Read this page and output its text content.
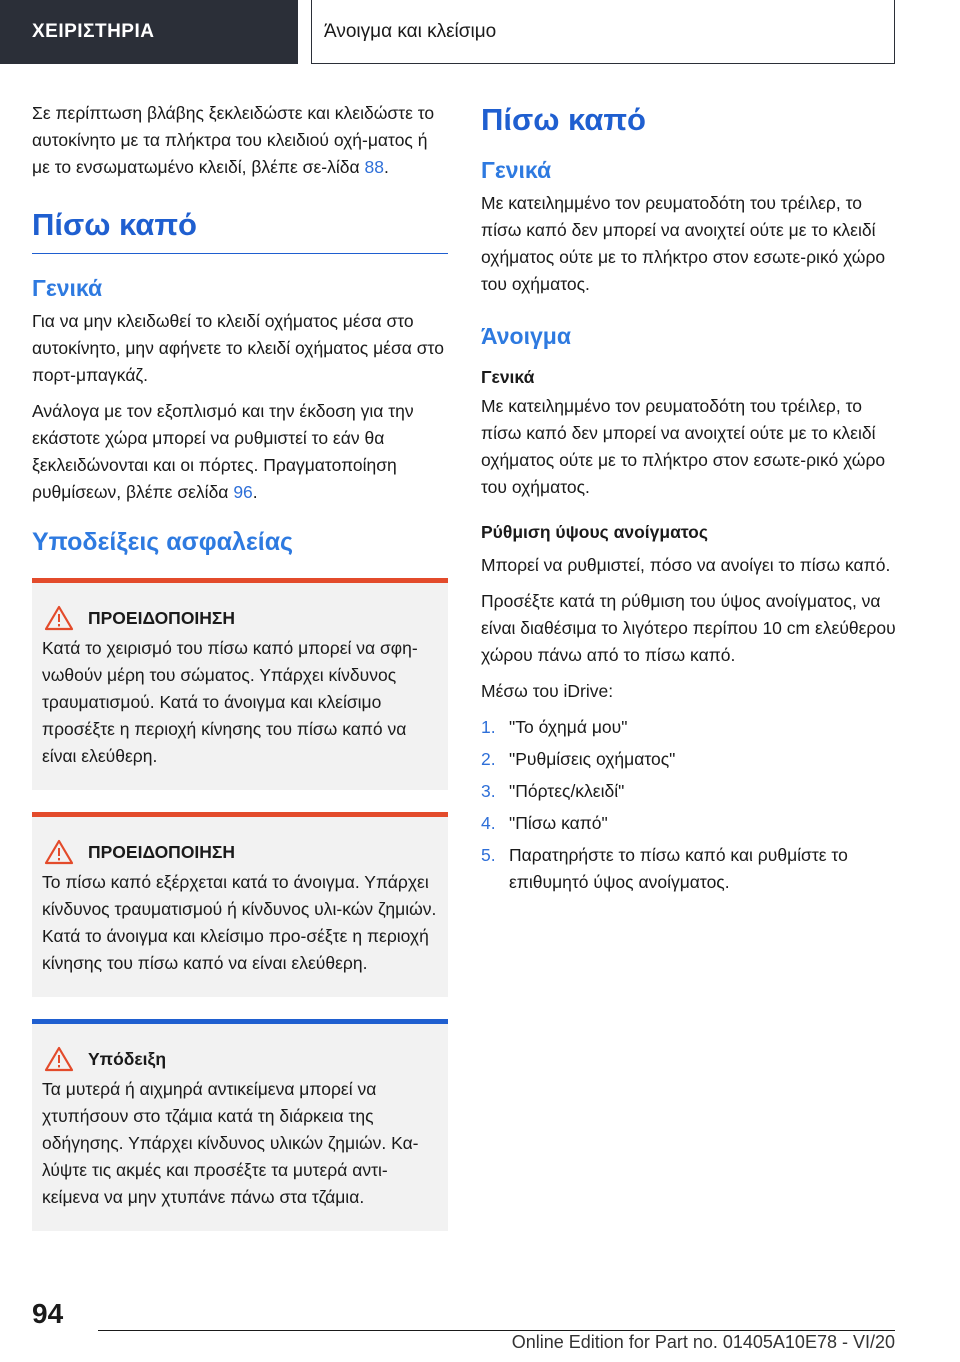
ΧΕΙΡΙΣΤΗΡΙΑ	Άνοιγμα και κλείσιμο

Σε περίπτωση βλάβης ξεκλειδώστε και κλειδώστε το αυτοκίνητο με τα πλήκτρα του κλειδιού οχή-ματος ή με το ενσωματωμένο κλειδί, βλέπε σε-λίδα 88.

Πίσω καπό
Γενικά

Για να μην κλειδωθεί το κλειδί οχήματος μέσα στο αυτοκίνητο, μην αφήνετε το κλειδί οχήματος μέσα στο πορτ-μπαγκάζ.

Ανάλογα με τον εξοπλισμό και την έκδοση για την εκάστοτε χώρα μπορεί να ρυθμιστεί το εάν θα ξεκλειδώνονται και οι πόρτες. Πραγματοποίηση ρυθμίσεων, βλέπε σελίδα 96.

Υποδείξεις ασφαλείας
ΠΡΟΕΙΔΟΠΟΙΗΣΗ

Κατά το χειρισμό του πίσω καπό μπορεί να σφη-νωθούν μέρη του σώματος. Υπάρχει κίνδυνος τραυματισμού. Κατά το άνοιγμα και κλείσιμο προσέξτε η περιοχή κίνησης του πίσω καπό να είναι ελεύθερη.

ΠΡΟΕΙΔΟΠΟΙΗΣΗ

Το πίσω καπό εξέρχεται κατά το άνοιγμα. Υπάρχει κίνδυνος τραυματισμού ή κίνδυνος υλι-κών ζημιών. Κατά το άνοιγμα και κλείσιμο προ-σέξτε η περιοχή κίνησης του πίσω καπό να είναι ελεύθερη.

Υπόδειξη

Τα μυτερά ή αιχμηρά αντικείμενα μπορεί να χτυπήσουν στο τζάμια κατά τη διάρκεια της οδήγησης. Υπάρχει κίνδυνος υλικών ζημιών. Κα-λύψτε τις ακμές και προσέξτε τα μυτερά αντι-κείμενα να μην χτυπάνε πάνω στα τζάμια.

Πίσω καπό
Γενικά

Με κατειλημμένο τον ρευματοδότη του τρέιλερ, το πίσω καπό δεν μπορεί να ανοιχτεί ούτε με το κλειδί οχήματος ούτε με το πλήκτρο στον εσωτε-ρικό χώρο του οχήματος.

Άνοιγμα
Γενικά

Με κατειλημμένο τον ρευματοδότη του τρέιλερ, το πίσω καπό δεν μπορεί να ανοιχτεί ούτε με το κλειδί οχήματος ούτε με το πλήκτρο στον εσωτε-ρικό χώρο του οχήματος.

Ρύθμιση ύψους ανοίγματος

Μπορεί να ρυθμιστεί, πόσο να ανοίγει το πίσω καπό.

Προσέξτε κατά τη ρύθμιση του ύψος ανοίγματος, να είναι διαθέσιμα το λιγότερο περίπου 10 cm ελεύθερου χώρου πάνω από το πίσω καπό.

Μέσω του iDrive:

1. "Το όχημά μου"
2. "Ρυθμίσεις οχήματος"
3. "Πόρτες/κλειδί"
4. "Πίσω καπό"
5. Παρατηρήστε το πίσω καπό και ρυθμίστε το επιθυμητό ύψος ανοίγματος.
94
Online Edition for Part no. 01405A10E78 - VI/20
